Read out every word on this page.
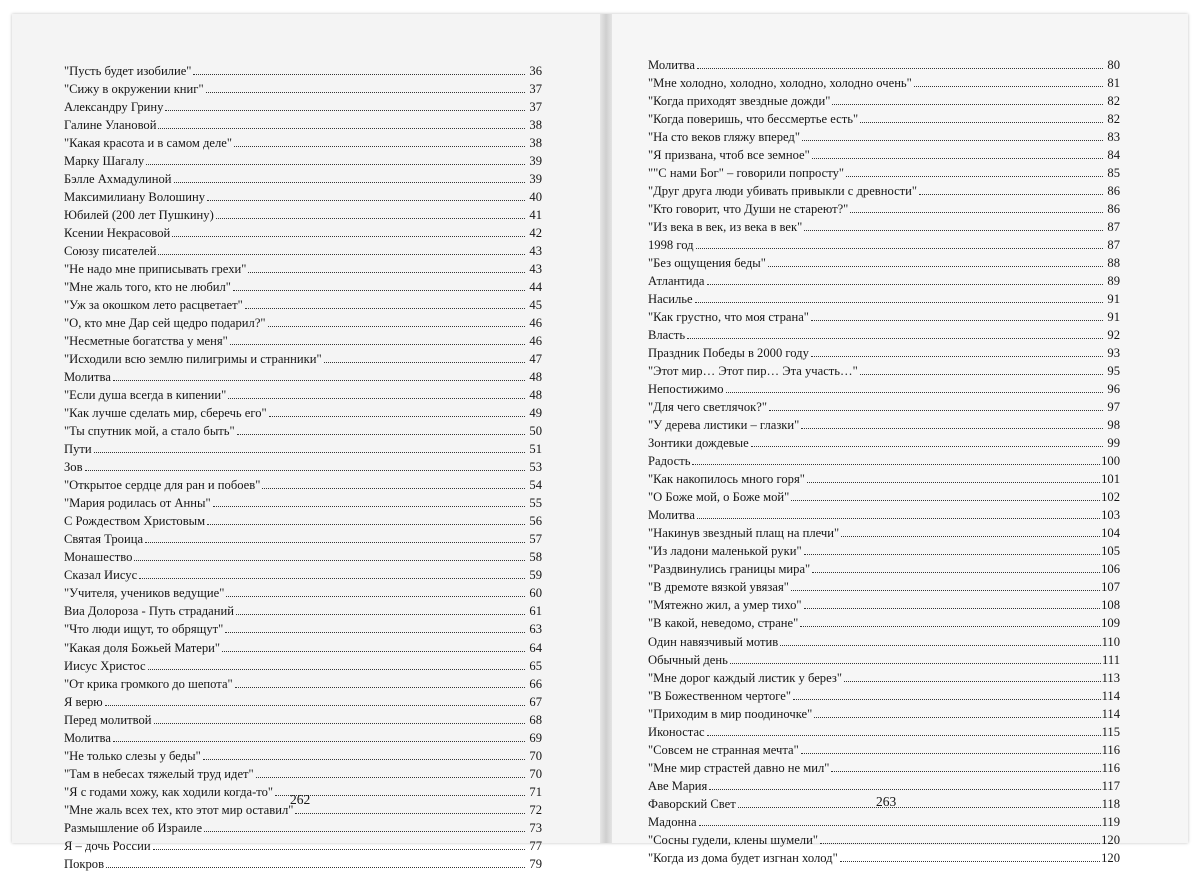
"Пусть будет изобилие"	36
"Сижу в окружении книг"	37
Александру Грину	37
Галине Улановой	38
"Какая красота и в самом деле"	38
Марку Шагалу	39
Бэлле Ахмадулиной	39
Максимилиану Волошину	40
Юбилей (200 лет Пушкину)	41
Ксении Некрасовой	42
Союзу писателей	43
"Не надо мне приписывать грехи"	43
"Мне жаль того, кто не любил"	44
"Уж за окошком лето расцветает"	45
"О, кто мне Дар сей щедро подарил?"	46
"Несметные богатства у меня"	46
"Исходили всю землю пилигримы и странники"	47
Молитва	48
"Если душа всегда в кипении"	48
"Как лучше сделать мир, сберечь его"	49
"Ты спутник мой, а стало быть"	50
Пути	51
Зов	53
"Открытое сердце для ран и побоев"	54
"Мария родилась от Анны"	55
С Рождеством Христовым	56
Святая Троица	57
Монашество	58
Сказал Иисус	59
"Учителя, учеников ведущие"	60
Виа Долороза - Путь страданий	61
"Что люди ищут, то обрящут"	63
"Какая доля Божьей Матери"	64
Иисус Христос	65
"От крика громкого до шепота"	66
Я верю	67
Перед молитвой	68
Молитва	69
"Не только слезы у беды"	70
"Там в небесах тяжелый труд идет"	70
"Я с годами хожу, как ходили когда-то"	71
"Мне жаль всех тех, кто этот мир оставил"	72
Размышление об Израиле	73
Я – дочь России	77
Покров	79
Молитва	80
"Мне холодно, холодно, холодно, холодно очень"	81
"Когда приходят звездные дожди"	82
"Когда поверишь, что бессмертье есть"	82
"На сто веков гляжу вперед"	83
"Я призвана, чтоб все земное"	84
""С нами Бог" – говорили попросту"	85
"Друг друга люди убивать привыкли с древности"	86
"Кто говорит, что Души не стареют?"	86
"Из века в век, из века в век"	87
1998 год	87
"Без ощущения беды"	88
Атлантида	89
Насилье	91
"Как грустно, что моя страна"	91
Власть	92
Праздник Победы в 2000 году	93
"Этот мир… Этот пир… Эта участь…"	95
Непостижимо	96
"Для чего светлячок?"	97
"У дерева листики – глазки"	98
Зонтики дождевые	99
Радость	100
"Как накопилось много горя"	101
"О Боже мой, о Боже мой"	102
Молитва	103
"Накинув звездный плащ на плечи"	104
"Из ладони маленькой руки"	105
"Раздвинулись границы мира"	106
"В дремоте вязкой увязая"	107
"Мятежно жил, а умер тихо"	108
"В какой, неведомо, стране"	109
Один навязчивый мотив	110
Обычный день	111
"Мне дорог каждый листик у берез"	113
"В Божественном чертоге"	114
"Приходим в мир поодиночке"	114
Иконостас	115
"Совсем не странная мечта"	116
"Мне мир страстей давно не мил"	116
Аве Мария	117
Фаворский Свет	118
Мадонна	119
"Сосны гудели, клены шумели"	120
"Когда из дома будет изгнан холод"	120
262	263
